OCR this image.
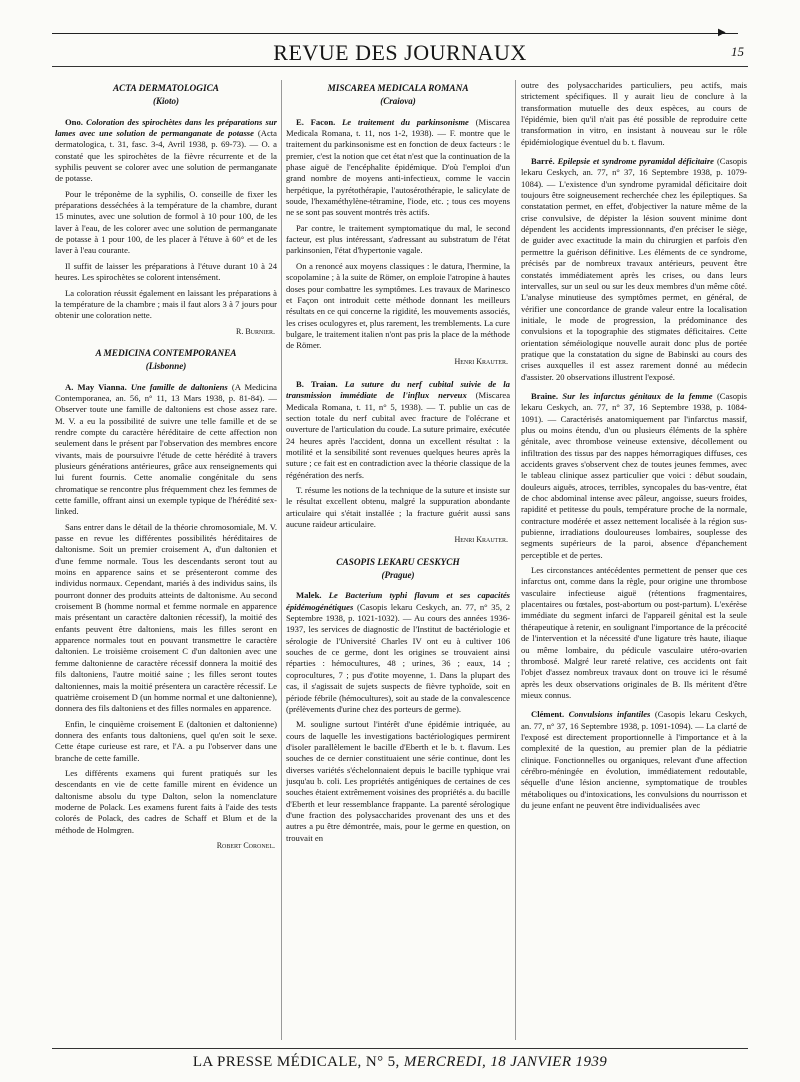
▶
REVUE DES JOURNAUX	15
ACTA DERMATOLOGICA
(Kioto)

Ono. Coloration des spirochètes dans les préparations sur lames avec une solution de permanganate de potasse (Acta dermatologica, t. 31, fasc. 3-4, Avril 1938, p. 69-73). — O. a constaté que les spirochètes de la fièvre récurrente et de la syphilis peuvent se colorer avec une solution de permanganate de potasse.

Pour le tréponème de la syphilis, O. conseille de fixer les préparations desséchées à la température de la chambre, durant 15 minutes, avec une solution de formol à 10 pour 100, de les laver à l'eau, de les colorer avec une solution de permanganate de potasse à 1 pour 100, de les placer à l'étuve à 60° et de les laver à l'eau courante.

Il suffit de laisser les préparations à l'étuve durant 10 à 24 heures. Les spirochètes se colorent intensément.

La coloration réussit également en laissant les préparations à la température de la chambre ; mais il faut alors 3 à 7 jours pour obtenir une coloration nette.

R. Burnier.
A MEDICINA CONTEMPORANEA
(Lisbonne)

A. May Vianna. Une famille de daltoniens (A Medicina Contemporanea, an. 56, n° 11, 13 Mars 1938, p. 81-84). — Observer toute une famille de daltoniens est chose assez rare. M. V. a eu la possibilité de suivre une telle famille et de se rendre compte du caractère héréditaire de cette affection non seulement dans le présent par l'observation des membres encore vivants, mais de poursuivre l'étude de cette hérédité à travers plusieurs générations antérieures, grâce aux renseignements qui lui furent fournis. Cette anomalie congénitale du sens chromatique se rencontre plus fréquemment chez les femmes de cette famille, offrant ainsi un exemple typique de l'hérédité sex-linked.

Sans entrer dans le détail de la théorie chromosomiale, M. V. passe en revue les différentes possibilités héréditaires de daltonisme. Soit un premier croisement A, d'un daltonien et d'une femme normale. Tous les descendants seront tout au moins en apparence sains et se présenteront comme des individus normaux. Cependant, mariés à des individus sains, ils pourront donner des produits atteints de daltonisme. Au second croisement B (homme normal et femme normale en apparence mais présentant un caractère daltonien récessif), la moitié des enfants peuvent être daltoniens, mais les filles seront en apparence normales tout en pouvant transmettre le caractère daltonien. Le troisième croisement C d'un daltonien avec une femme daltonienne de caractère récessif donnera la moitié des fils daltoniens, l'autre moitié saine ; les filles seront toutes daltoniennes, mais la moitié présentera un caractère récessif. Le quatrième croisement D (un homme normal et une daltonienne), donnera des fils daltoniens et des filles normales en apparence.

Enfin, le cinquième croisement E (daltonien et daltonienne) donnera des enfants tous daltoniens, quel qu'en soit le sexe. Cette étape curieuse est rare, et l'A. a pu l'observer dans une branche de cette famille.

Les différents examens qui furent pratiqués sur les descendants en vie de cette famille mirent en évidence un daltonisme absolu du type Dalton, selon la nomenclature moderne de Polack. Les examens furent faits à l'aide des tests colorés de Polack, des cadres de Schaff et Blum et de la méthode de Holmgren.

Robert Coronel.
MISCAREA MEDICALA ROMANA
(Craiova)

E. Facon. Le traitement du parkinsonisme (Miscarea Medicala Romana, t. 11, nos 1-2, 1938). — F. montre que le traitement du parkinsonisme est en fonction de deux facteurs : le premier, c'est la notion que cet état n'est que la continuation de la phase aiguë de l'encéphalite épidémique. D'où l'emploi d'un grand nombre de moyens anti-infectieux, comme le vaccin herpétique, la pyrétothérapie, l'autosérothérapie, le salicylate de soude, l'hexaméthylène-tétramine, l'iode, etc. ; tous ces moyens ne se sont pas souvent montrés très actifs.

Par contre, le traitement symptomatique du mal, le second facteur, est plus intéressant, s'adressant au substratum de l'état parkinsonien, l'état d'hypertonie vagale.

On a renoncé aux moyens classiques : le datura, l'hermine, la scopolamine ; à la suite de Römer, on emploie l'atropine à hautes doses pour combattre les symptômes. Les travaux de Marinesco et Façon ont introduit cette méthode donnant les meilleurs résultats en ce qui concerne la rigidité, les mouvements associés, les crises oculogyres et, plus rarement, les tremblements. La cure bulgare, le traitement italien n'ont pas pris la place de la méthode de Römer.

Henri Krauter.

B. Traian. La suture du nerf cubital suivie de la transmission immédiate de l'influx nerveux (Miscarea Medicala Romana, t. 11, n° 5, 1938). — T. publie un cas de section totale du nerf cubital avec fracture de l'olécrane et ouverture de l'articulation du coude. La suture primaire, exécutée 24 heures après l'accident, donna un excellent résultat : la motilité et la sensibilité sont revenues quelques heures après la suture ; ce fait est en contradiction avec la théorie classique de la régénération des nerfs.

T. résume les notions de la technique de la suture et insiste sur le résultat excellent obtenu, malgré la suppuration abondante articulaire qui s'était installée ; la fracture guérit aussi sans aucune raideur articulaire.

Henri Krauter.
CASOPIS LEKARU CESKYCH
(Prague)

Malek. Le Bacterium typhi flavum et ses capacités épidémogénétiques (Casopis lekaru Ceskych, an. 77, n° 35, 2 Septembre 1938, p. 1021-1032). — Au cours des années 1936-1937, les services de diagnostic de l'Institut de bactériologie et sérologie de l'Université Charles IV ont eu à cultiver 106 souches de ce germe, dont les origines se trouvaient ainsi réparties : hémocultures, 48 ; urines, 36 ; eaux, 14 ; coprocultures, 7 ; pus d'otite moyenne, 1. Dans la plupart des cas, il s'agissait de sujets suspects de fièvre typhoïde, soit en période fébrile (hémocultures), soit au stade de la convalescence (prélèvements d'urine chez des porteurs de germe).

M. souligne surtout l'intérêt d'une épidémie intriquée, au cours de laquelle les investigations bactériologiques permirent d'isoler parallèlement le bacille d'Eberth et le b. t. flavum. Les souches de ce dernier constituaient une série continue, dont les diverses variétés s'échelonnaient depuis le bacille typhique vrai jusqu'au b. coli. Les propriétés antigéniques de certaines de ces souches étaient extrêmement voisines des propriétés a. du bacille d'Eberth et leur ressemblance frappante. La parenté sérologique d'une fraction des polysaccharides provenant des uns et des autres a pu être démontrée, mais, pour le germe en question, on trouvait en

outre des polysaccharides particuliers, peu actifs, mais strictement spécifiques. Il y aurait lieu de conclure à la transformation mutuelle des deux espèces, au cours de l'épidémie, bien qu'il n'ait pas été possible de reproduire cette transformation in vitro, en insistant à nouveau sur le rôle épidémiologique éventuel du b. t. flavum.

Barré. Epilepsie et syndrome pyramidal déficitaire (Casopis lekaru Ceskych, an. 77, n° 37, 16 Septembre 1938, p. 1079-1084). — L'existence d'un syndrome pyramidal déficitaire doit toujours être soigneusement recherchée chez les épileptiques. Sa constatation permet, en effet, d'objectiver la nature même de la crise convulsive, de dépister la lésion souvent minime dont dépendent les accidents impressionnants, d'en préciser le siège, de guider avec exactitude la main du chirurgien et parfois d'en permettre la guérison définitive. Les éléments de ce syndrome, précisés par de nombreux travaux antérieurs, peuvent être constatés immédiatement après les crises, ou dans leurs intervalles, sur un seul ou sur les deux membres d'un même côté. L'analyse minutieuse des symptômes permet, en général, de vérifier une concordance de grande valeur entre la localisation initiale, le mode de progression, la prédominance des convulsions et la topographie des stigmates déficitaires. Cette orientation séméiologique nouvelle aurait donc plus de portée pratique que la constatation du signe de Babinski au cours des crises auxquelles il est assez rarement donné au médecin d'assister. 20 observations illustrent l'exposé.

Braine. Sur les infarctus génitaux de la femme (Casopis lekaru Ceskych, an. 77, n° 37, 16 Septembre 1938, p. 1084-1091). — Caractérisés anatomiquement par l'infarctus massif, plus ou moins étendu, d'un ou plusieurs éléments de la sphère génitale, avec thrombose veineuse extensive, décollement ou infiltration des tissus par des nappes hémorragiques diffuses, ces accidents graves s'observent chez de toutes jeunes femmes, avec le tableau clinique assez particulier que voici : début soudain, douleurs aiguës, atroces, terribles, syncopales du bas-ventre, état de choc abdominal intense avec pâleur, angoisse, sueurs froides, rapidité et petitesse du pouls, température proche de la normale, contracture modérée et assez nettement localisée à la région sus-pubienne, irradiations douloureuses lombaires, souplesse des segments supérieurs de la paroi, absence d'épanchement perceptible et de pertes.

Les circonstances antécédentes permettent de penser que ces infarctus ont, comme dans la règle, pour origine une thrombose vasculaire infectieuse aiguë (rétentions fragmentaires, placentaires ou fœtales, post-abortum ou post-partum). L'exérèse immédiate du segment infarci de l'appareil génital est la seule thérapeutique à retenir, en soulignant l'importance de la précocité de l'intervention et la nécessité d'une ligature très haute, iliaque ou même lombaire, du pédicule vasculaire utéro-ovarien thrombosé. Malgré leur rareté relative, ces accidents ont fait l'objet d'assez nombreux travaux dont on trouve ici le résumé après les deux observations originales de B. Ils méritent d'être mieux connus.

Clément. Convulsions infantiles (Casopis lekaru Ceskych, an. 77, n° 37, 16 Septembre 1938, p. 1091-1094). — La clarté de l'exposé est directement proportionnelle à l'importance et à la complexité de la question, au premier plan de la pédiatrie clinique. Fonctionnelles ou organiques, relevant d'une affection cérébro-méningée en évolution, immédiatement redoutable, séquelle d'une lésion ancienne, symptomatique de troubles métaboliques ou d'intoxications, les convulsions du nourrisson et du jeune enfant ne peuvent être individualisées avec

LA PRESSE MÉDICALE, N° 5, MERCREDI, 18 JANVIER 1939
